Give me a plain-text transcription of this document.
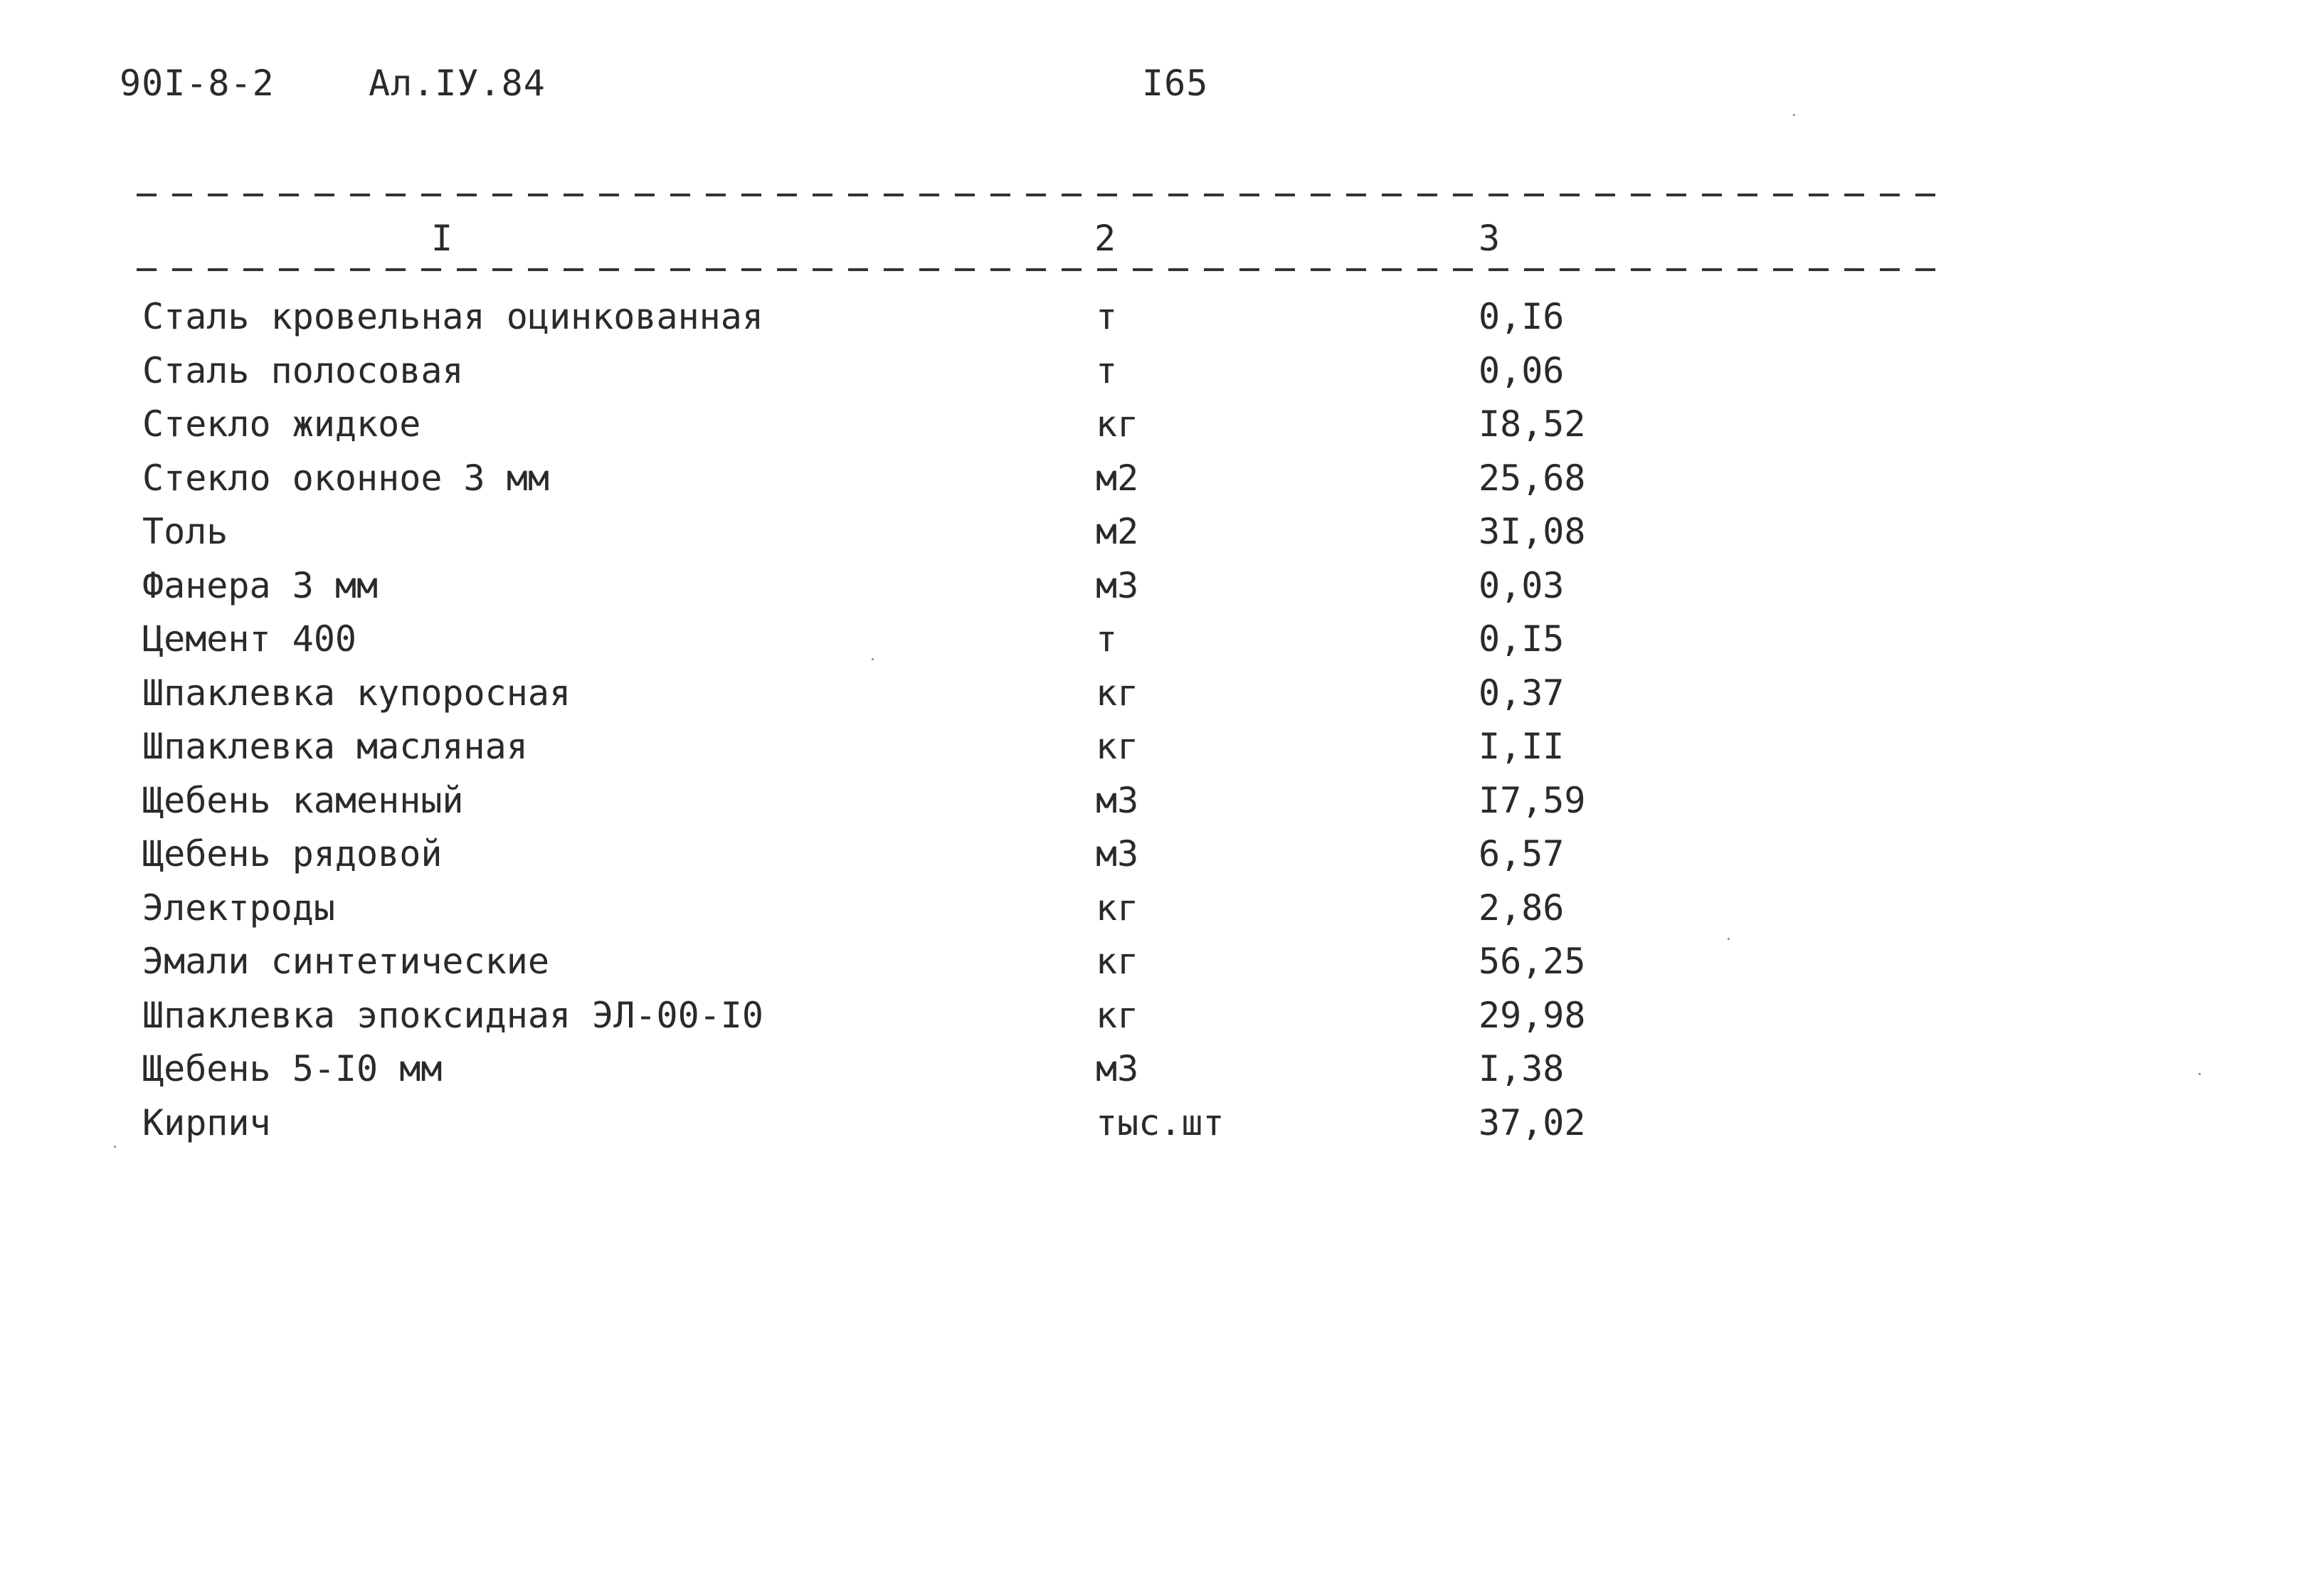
90I-8-2	Ал.IУ.84	I65
I	2	3
Сталь кровельная оцинкованная	т	0,I6
Сталь полосовая	т	0,06
Стекло жидкое	кг	I8,52
Стекло оконное 3 мм	м2	25,68
Толь	м2	3I,08
Фанера 3 мм	м3	0,03
Цемент 400	т	0,I5
Шпаклевка купоросная	кг	0,37
Шпаклевка масляная	кг	I,II
Щебень каменный	м3	I7,59
Щебень рядовой	м3	6,57
Электроды	кг	2,86
Эмали синтетические	кг	56,25
Шпаклевка эпоксидная ЭЛ-00-I0	кг	29,98
Щебень 5-I0 мм	м3	I,38
Кирпич	тыс.шт	37,02
